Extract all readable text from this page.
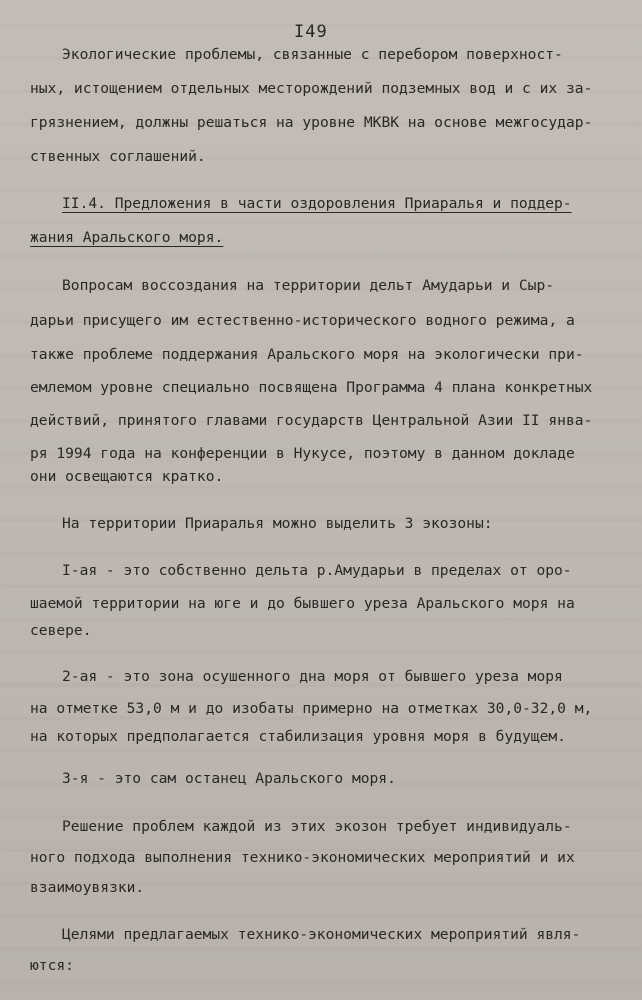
I49
Экологические проблемы, связанные с перебором поверхност-
ных, истощением отдельных месторождений подземных вод и с их за-
грязнением, должны решаться на уровне МКВК на основе межгосудар-
ственных соглашений.
II.4. Предложения в части оздоровления Приаралья и поддер-
жания Аральского моря.
Вопросам воссоздания на территории дельт Амударьи и Сыр-
дарьи присущего им естественно-исторического водного режима, а
также проблеме поддержания Аральского моря на экологически при-
емлемом уровне специально посвящена Программа 4 плана конкретных
действий, принятого главами государств Центральной Азии II янва-
ря 1994 года на конференции в Нукусе, поэтому в данном докладе
они освещаются кратко.
На территории Приаралья можно выделить 3 экозоны:
I-ая - это собственно дельта р.Амударьи в пределах от оро-
шаемой территории на юге и до бывшего уреза Аральского моря на
севере.
2-ая - это зона осушенного дна моря от бывшего уреза моря
на отметке 53,0 м и до изобаты примерно на отметках 30,0-32,0 м,
на которых предполагается стабилизация уровня моря в будущем.
3-я - это сам останец Аральского моря.
Решение проблем каждой из этих экозон требует индивидуаль-
ного подхода выполнения технико-экономических мероприятий и их
взаимоувязки.
Целями предлагаемых технико-экономических мероприятий явля-
ются:
